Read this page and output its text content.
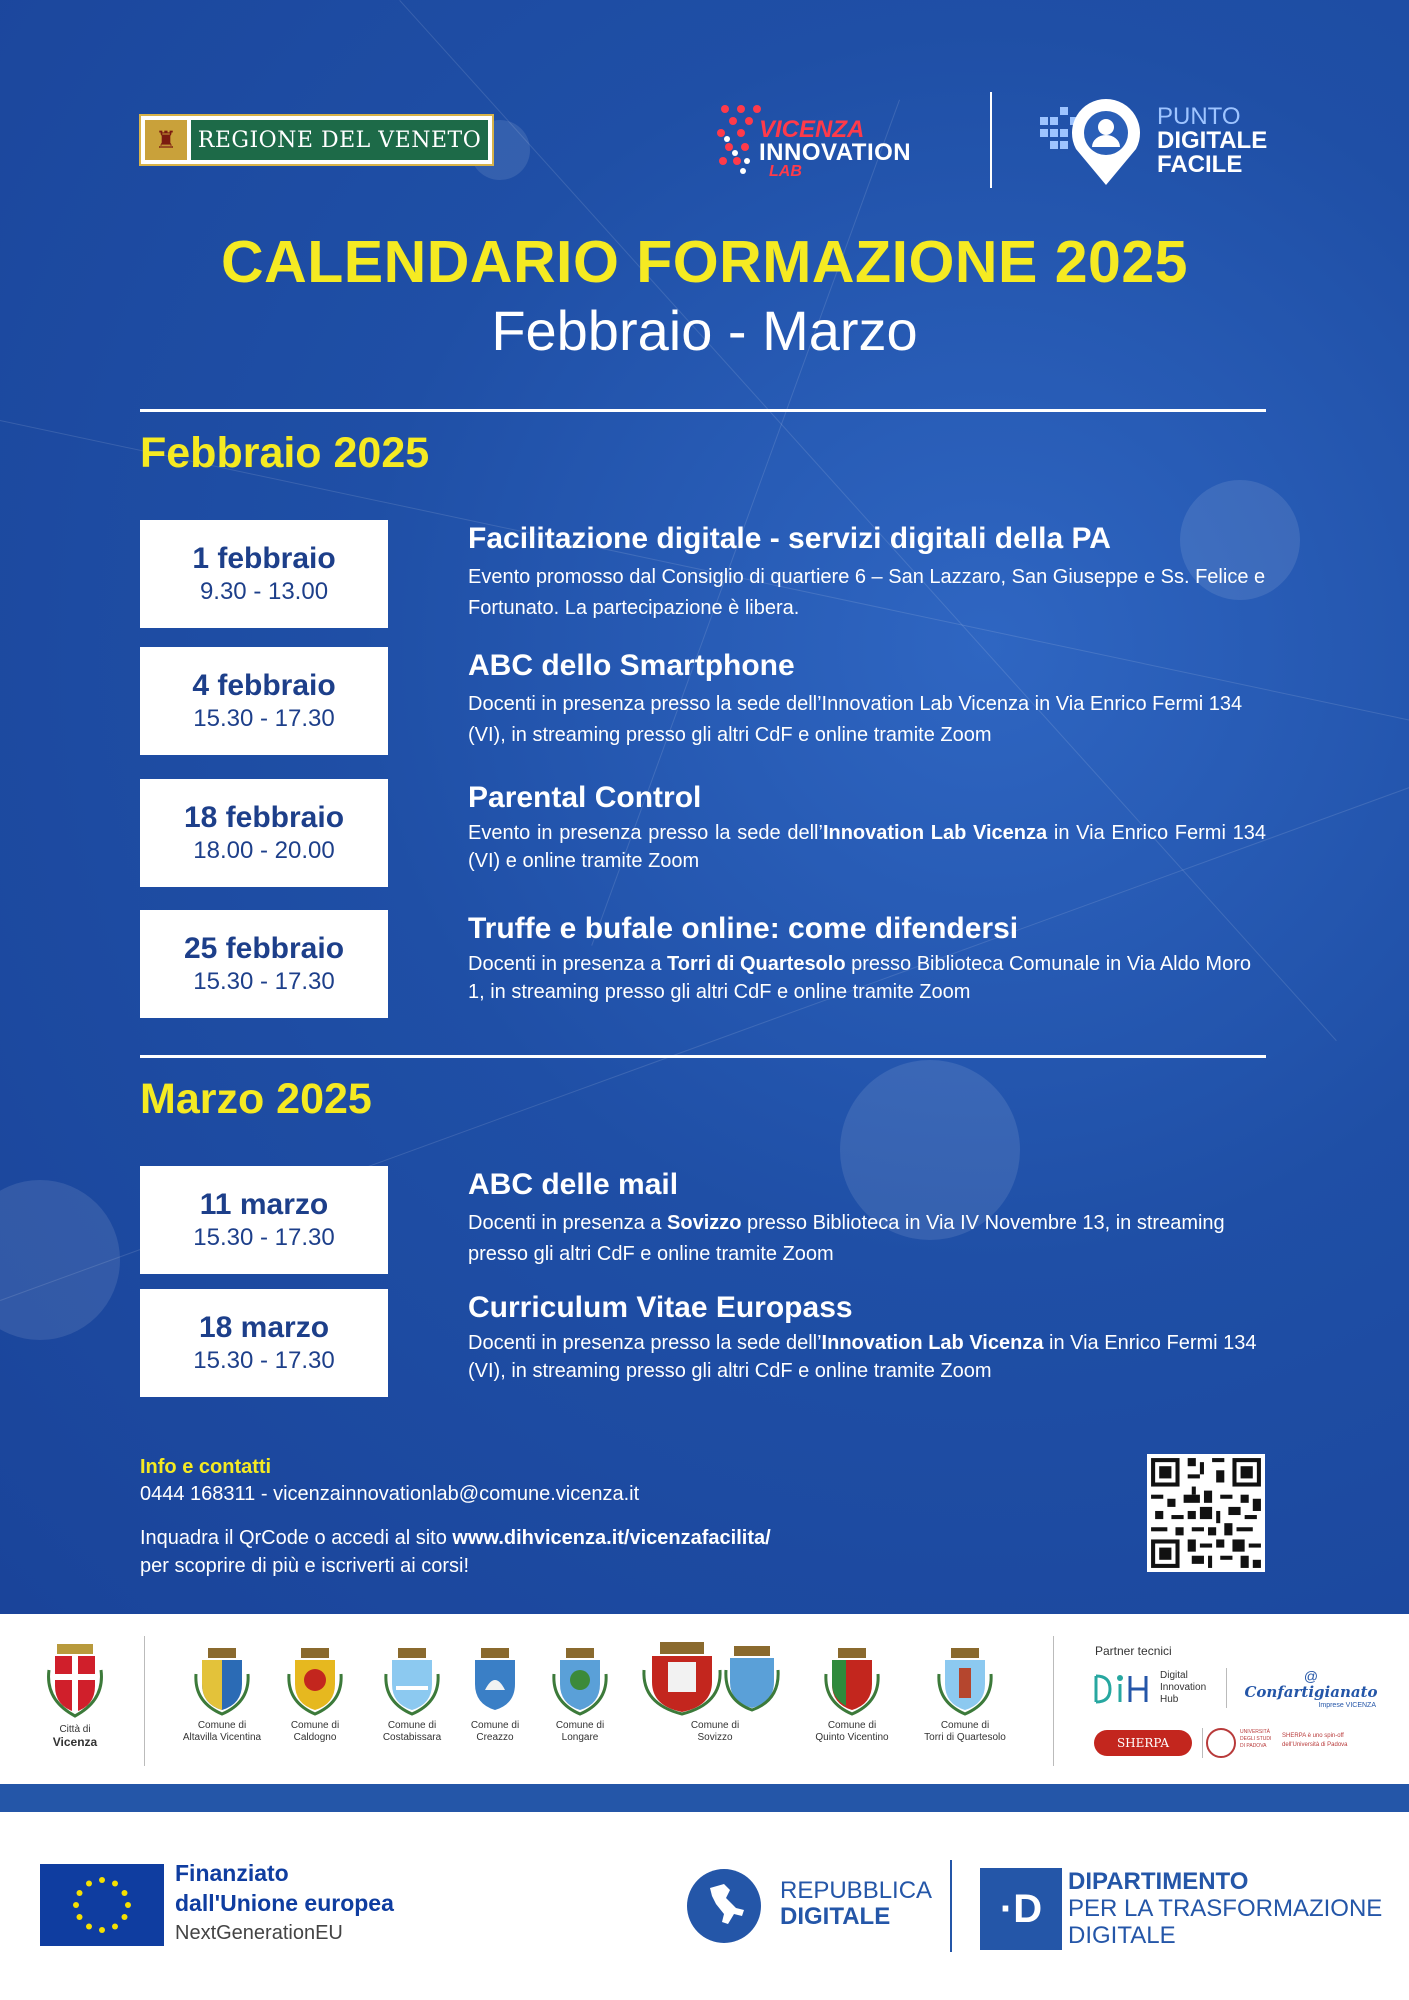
♜ REGIONE DEL VENETO	VICENZA
INNOVATION
LAB
PUNTO
DIGITALE
FACILE
CALENDARIO FORMAZIONE 2025
Febbraio - Marzo
Febbraio 2025
1 febbraio
9.30 - 13.00
Facilitazione digitale - servizi digitali della PA
Evento promosso dal Consiglio di quartiere 6 – San Lazzaro, San Giuseppe e Ss. Felice e Fortunato. La partecipazione è libera.
4 febbraio
15.30 - 17.30
ABC dello Smartphone
Docenti in presenza presso la sede dell’Innovation Lab Vicenza in Via Enrico Fermi 134 (VI), in streaming presso gli altri CdF e online tramite Zoom
18 febbraio
18.00 - 20.00
Parental Control
Evento in presenza presso la sede dell’Innovation Lab Vicenza in Via Enrico Fermi 134 (VI) e online tramite Zoom
25 febbraio
15.30 - 17.30
Truffe e bufale online: come difendersi
Docenti in presenza a Torri di Quartesolo presso Biblioteca Comunale in Via Aldo Moro 1, in streaming presso gli altri CdF e online tramite Zoom
Marzo 2025
11 marzo
15.30 - 17.30
ABC delle mail
Docenti in presenza a Sovizzo presso Biblioteca in Via IV Novembre 13, in streaming presso gli altri CdF e online tramite Zoom
18 marzo
15.30 - 17.30
Curriculum Vitae Europass
Docenti in presenza presso la sede dell’Innovation Lab Vicenza in Via Enrico Fermi 134 (VI), in streaming presso gli altri CdF e online tramite Zoom
Info e contatti
0444 168311 - vicenzainnovationlab@comune.vicenza.it
Inquadra il QrCode o accedi al sito www.dihvicenza.it/vicenzafacilita/
per scoprire di più e iscriverti ai corsi!
Città di
Vicenza
Comune di
Altavilla Vicentina
Comune di
Caldogno
Comune di
Costabissara
Comune di
Creazzo
Comune di
Longare
Comune di
Sovizzo
Comune di
Quinto Vicentino
Comune di
Torri di Quartesolo
Partner tecnici
Digital
Innovation
Hub
@
Confartigianato
Imprese VICENZA
SHERPA
UNIVERSITÀ
DEGLI STUDI
DI PADOVA
SHERPA è uno spin-off
dell'Università di Padova
Finanziato
dall'Unione europea
NextGenerationEU
REPUBBLICA
DIGITALE	·D
DIPARTIMENTO
PER LA TRASFORMAZIONE
DIGITALE
